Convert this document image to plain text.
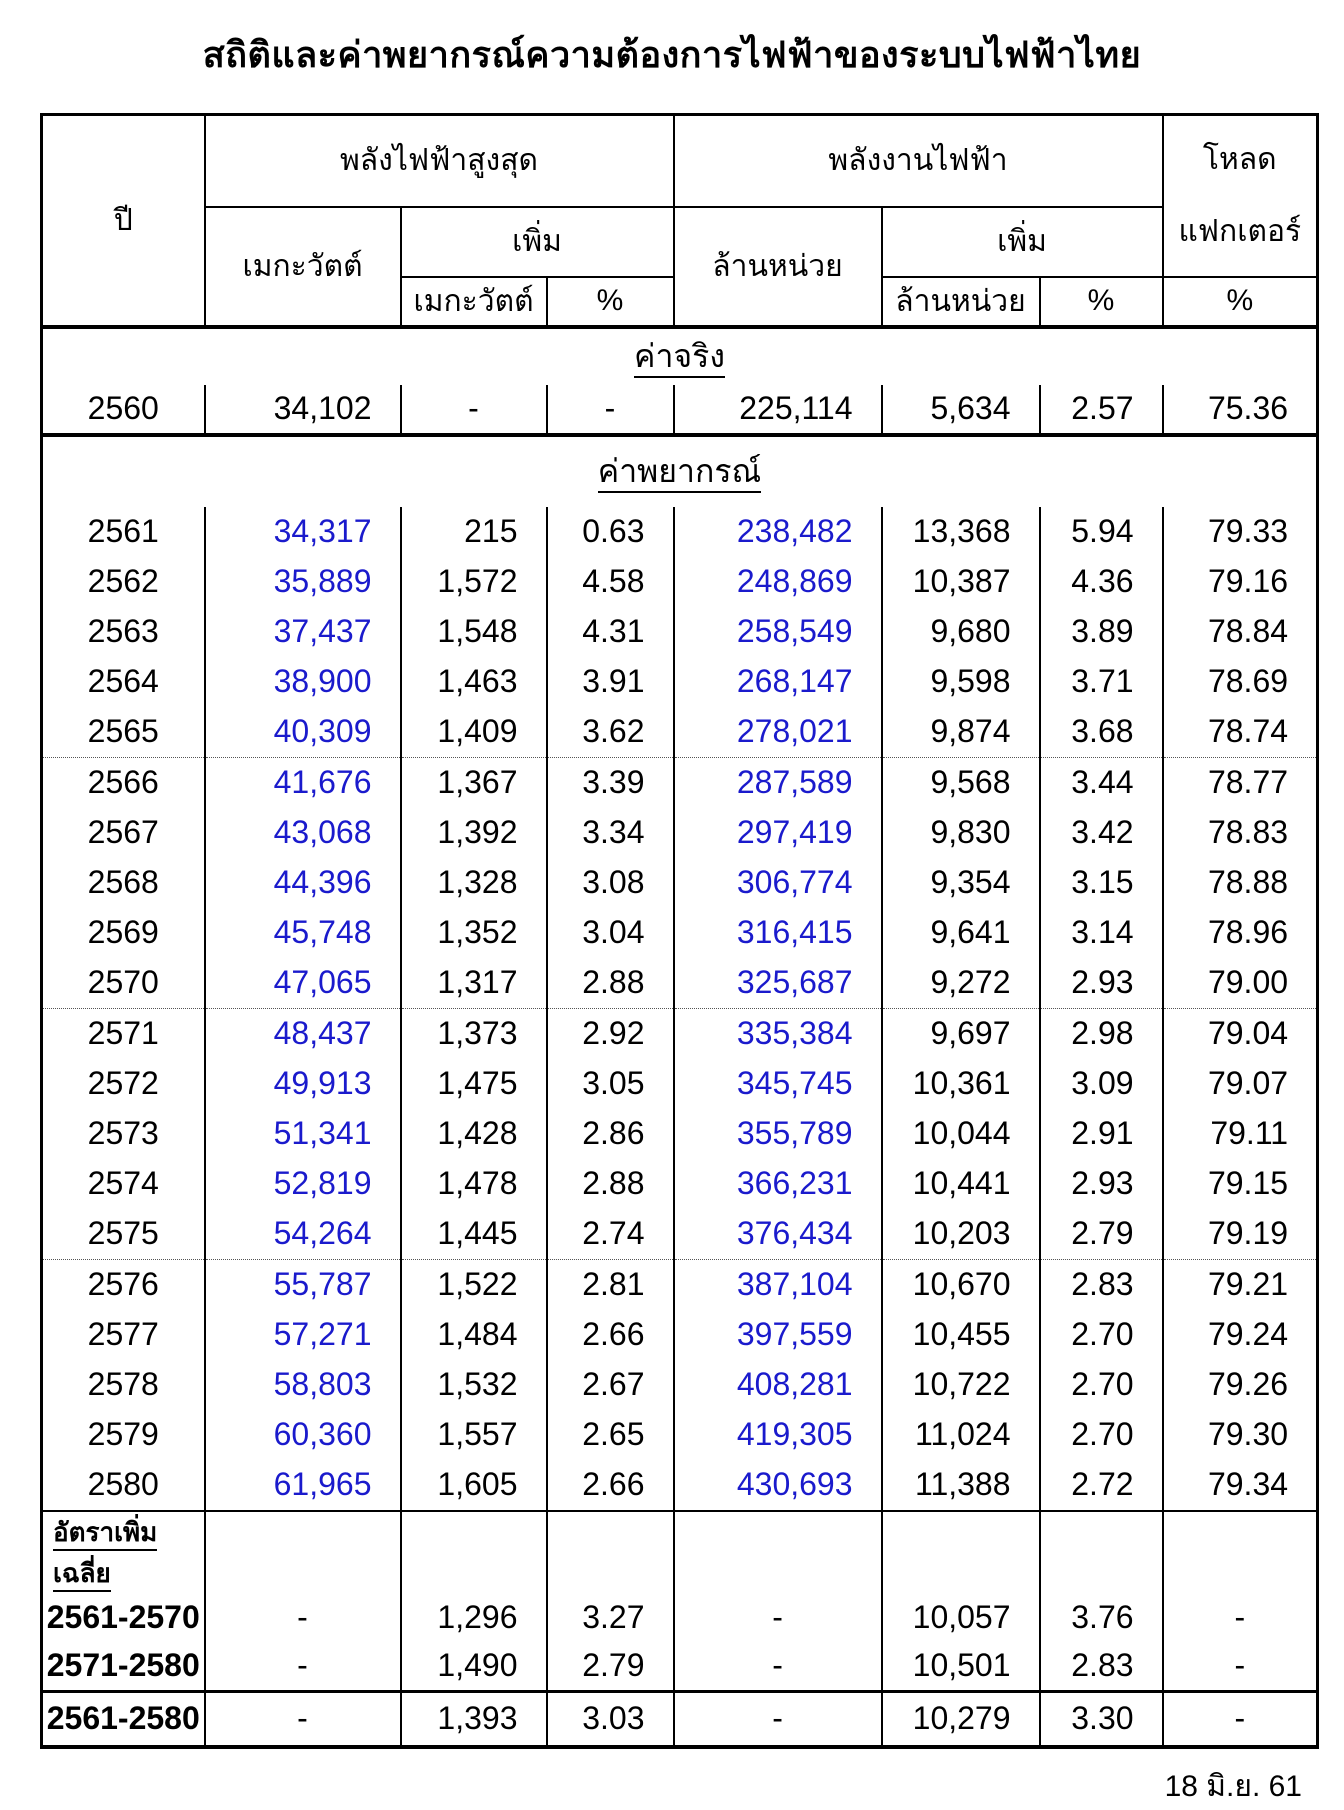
สถิติและค่าพยากรณ์ความต้องการไฟฟ้าของระบบไฟฟ้าไทย
ปี	พลังไฟฟ้าสูงสุด			พลังงานไฟฟ้า			โหลด
แฟกเตอร์
	เมกะวัตต์	เพิ่ม		ล้านหน่วย	เพิ่ม		
		เมกะวัตต์	%		ล้านหน่วย	%	%
ค่าจริง							
2560	34,102	-	-	225,114	5,634	2.57	75.36
ค่าพยากรณ์							
2561	34,317	215	0.63	238,482	13,368	5.94	79.33
2562	35,889	1,572	4.58	248,869	10,387	4.36	79.16
2563	37,437	1,548	4.31	258,549	9,680	3.89	78.84
2564	38,900	1,463	3.91	268,147	9,598	3.71	78.69
2565	40,309	1,409	3.62	278,021	9,874	3.68	78.74
2566	41,676	1,367	3.39	287,589	9,568	3.44	78.77
2567	43,068	1,392	3.34	297,419	9,830	3.42	78.83
2568	44,396	1,328	3.08	306,774	9,354	3.15	78.88
2569	45,748	1,352	3.04	316,415	9,641	3.14	78.96
2570	47,065	1,317	2.88	325,687	9,272	2.93	79.00
2571	48,437	1,373	2.92	335,384	9,697	2.98	79.04
2572	49,913	1,475	3.05	345,745	10,361	3.09	79.07
2573	51,341	1,428	2.86	355,789	10,044	2.91	79.11
2574	52,819	1,478	2.88	366,231	10,441	2.93	79.15
2575	54,264	1,445	2.74	376,434	10,203	2.79	79.19
2576	55,787	1,522	2.81	387,104	10,670	2.83	79.21
2577	57,271	1,484	2.66	397,559	10,455	2.70	79.24
2578	58,803	1,532	2.67	408,281	10,722	2.70	79.26
2579	60,360	1,557	2.65	419,305	11,024	2.70	79.30
2580	61,965	1,605	2.66	430,693	11,388	2.72	79.34
อัตราเพิ่มเฉลี่ย							
2561-2570	-	1,296	3.27	-	10,057	3.76	-
2571-2580	-	1,490	2.79	-	10,501	2.83	-
2561-2580	-	1,393	3.03	-	10,279	3.30	-
18 มิ.ย. 61
